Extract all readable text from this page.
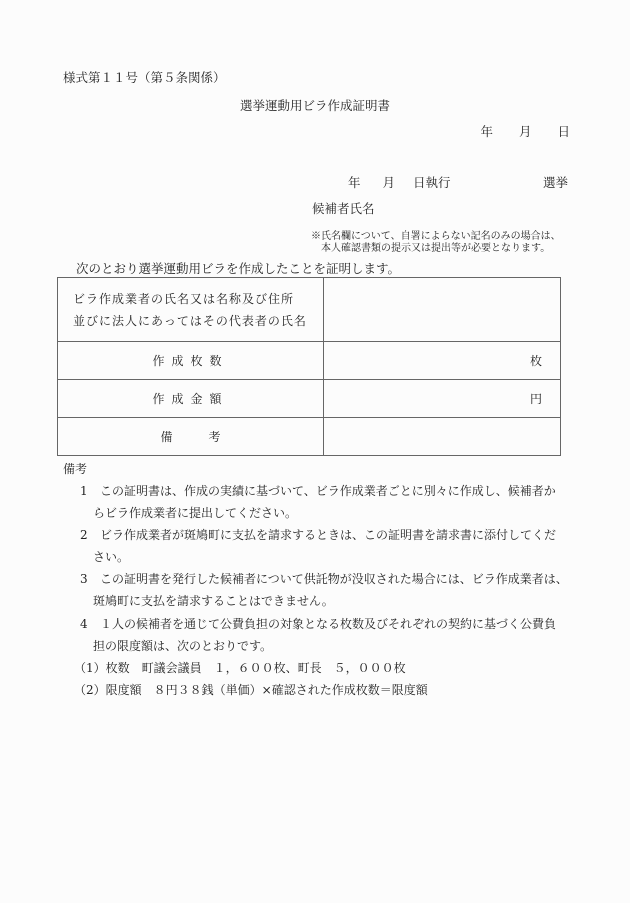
様式第１１号（第５条関係）
選挙運動用ビラ作成証明書
年 月 日
年 月 日執行	選挙
候補者氏名
※氏名欄について、自署によらない記名のみの場合は、
本人確認書類の提示又は提出等が必要となります。
次のとおり選挙運動用ビラを作成したことを証明します。
ビラ作成業者の氏名又は名称及び住所
並びに法人にあってはその代表者の氏名	

作成枚数	枚
作成金額	円
備 考	
備考
1 この証明書は、作成の実績に基づいて、ビラ作成業者ごとに別々に作成し、候補者か
らビラ作成業者に提出してください。
2 ビラ作成業者が斑鳩町に支払を請求するときは、この証明書を請求書に添付してくだ
さい。
3 この証明書を発行した候補者について供託物が没収された場合には、ビラ作成業者は、
斑鳩町に支払を請求することはできません。
4 １人の候補者を通じて公費負担の対象となる枚数及びそれぞれの契約に基づく公費負
担の限度額は、次のとおりです。
（1）枚数　町議会議員　１，６００枚、町長　５，０００枚
（2）限度額　８円３８銭（単価）×確認された作成枚数＝限度額
